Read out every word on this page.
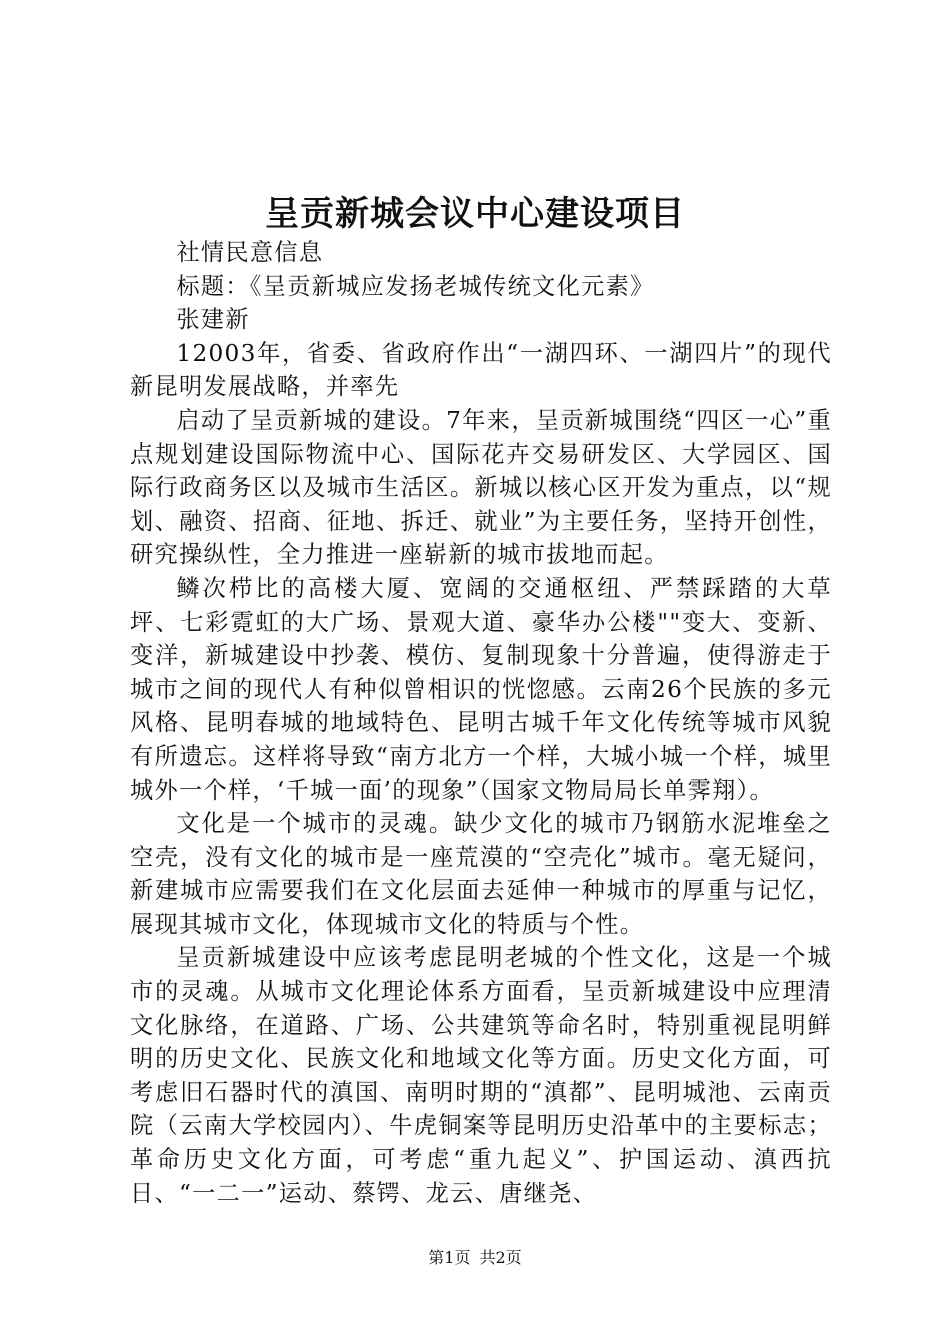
呈贡新城会议中心建设项目

社情民意信息

标题：《呈贡新城应发扬老城传统文化元素》

张建新

12003年，省委、省政府作出“一湖四环、一湖四片”的现代新昆明发展战略，并率先

启动了呈贡新城的建设。7年来，呈贡新城围绕“四区一心”重点规划建设国际物流中心、国际花卉交易研发区、大学园区、国际行政商务区以及城市生活区。新城以核心区开发为重点，以“规划、融资、招商、征地、拆迁、就业”为主要任务，坚持开创性，研究操纵性，全力推进一座崭新的城市拔地而起。

鳞次栉比的高楼大厦、宽阔的交通枢纽、严禁踩踏的大草坪、七彩霓虹的大广场、景观大道、豪华办公楼""变大、变新、变洋，新城建设中抄袭、模仿、复制现象十分普遍，使得游走于城市之间的现代人有种似曾相识的恍惚感。云南26个民族的多元风格、昆明春城的地域特色、昆明古城千年文化传统等城市风貌有所遗忘。这样将导致“南方北方一个样，大城小城一个样，城里城外一个样，‘千城一面’的现象”（国家文物局局长单霁翔）。

文化是一个城市的灵魂。缺少文化的城市乃钢筋水泥堆垒之空壳，没有文化的城市是一座荒漠的“空壳化”城市。毫无疑问，新建城市应需要我们在文化层面去延伸一种城市的厚重与记忆，展现其城市文化，体现城市文化的特质与个性。

呈贡新城建设中应该考虑昆明老城的个性文化，这是一个城市的灵魂。从城市文化理论体系方面看，呈贡新城建设中应理清文化脉络，在道路、广场、公共建筑等命名时，特别重视昆明鲜明的历史文化、民族文化和地域文化等方面。历史文化方面，可考虑旧石器时代的滇国、南明时期的“滇都”、昆明城池、云南贡院（云南大学校园内）、牛虎铜案等昆明历史沿革中的主要标志；革命历史文化方面，可考虑“重九起义”、护国运动、滇西抗日、“一二一”运动、蔡锷、龙云、唐继尧、

第1页 共2页
